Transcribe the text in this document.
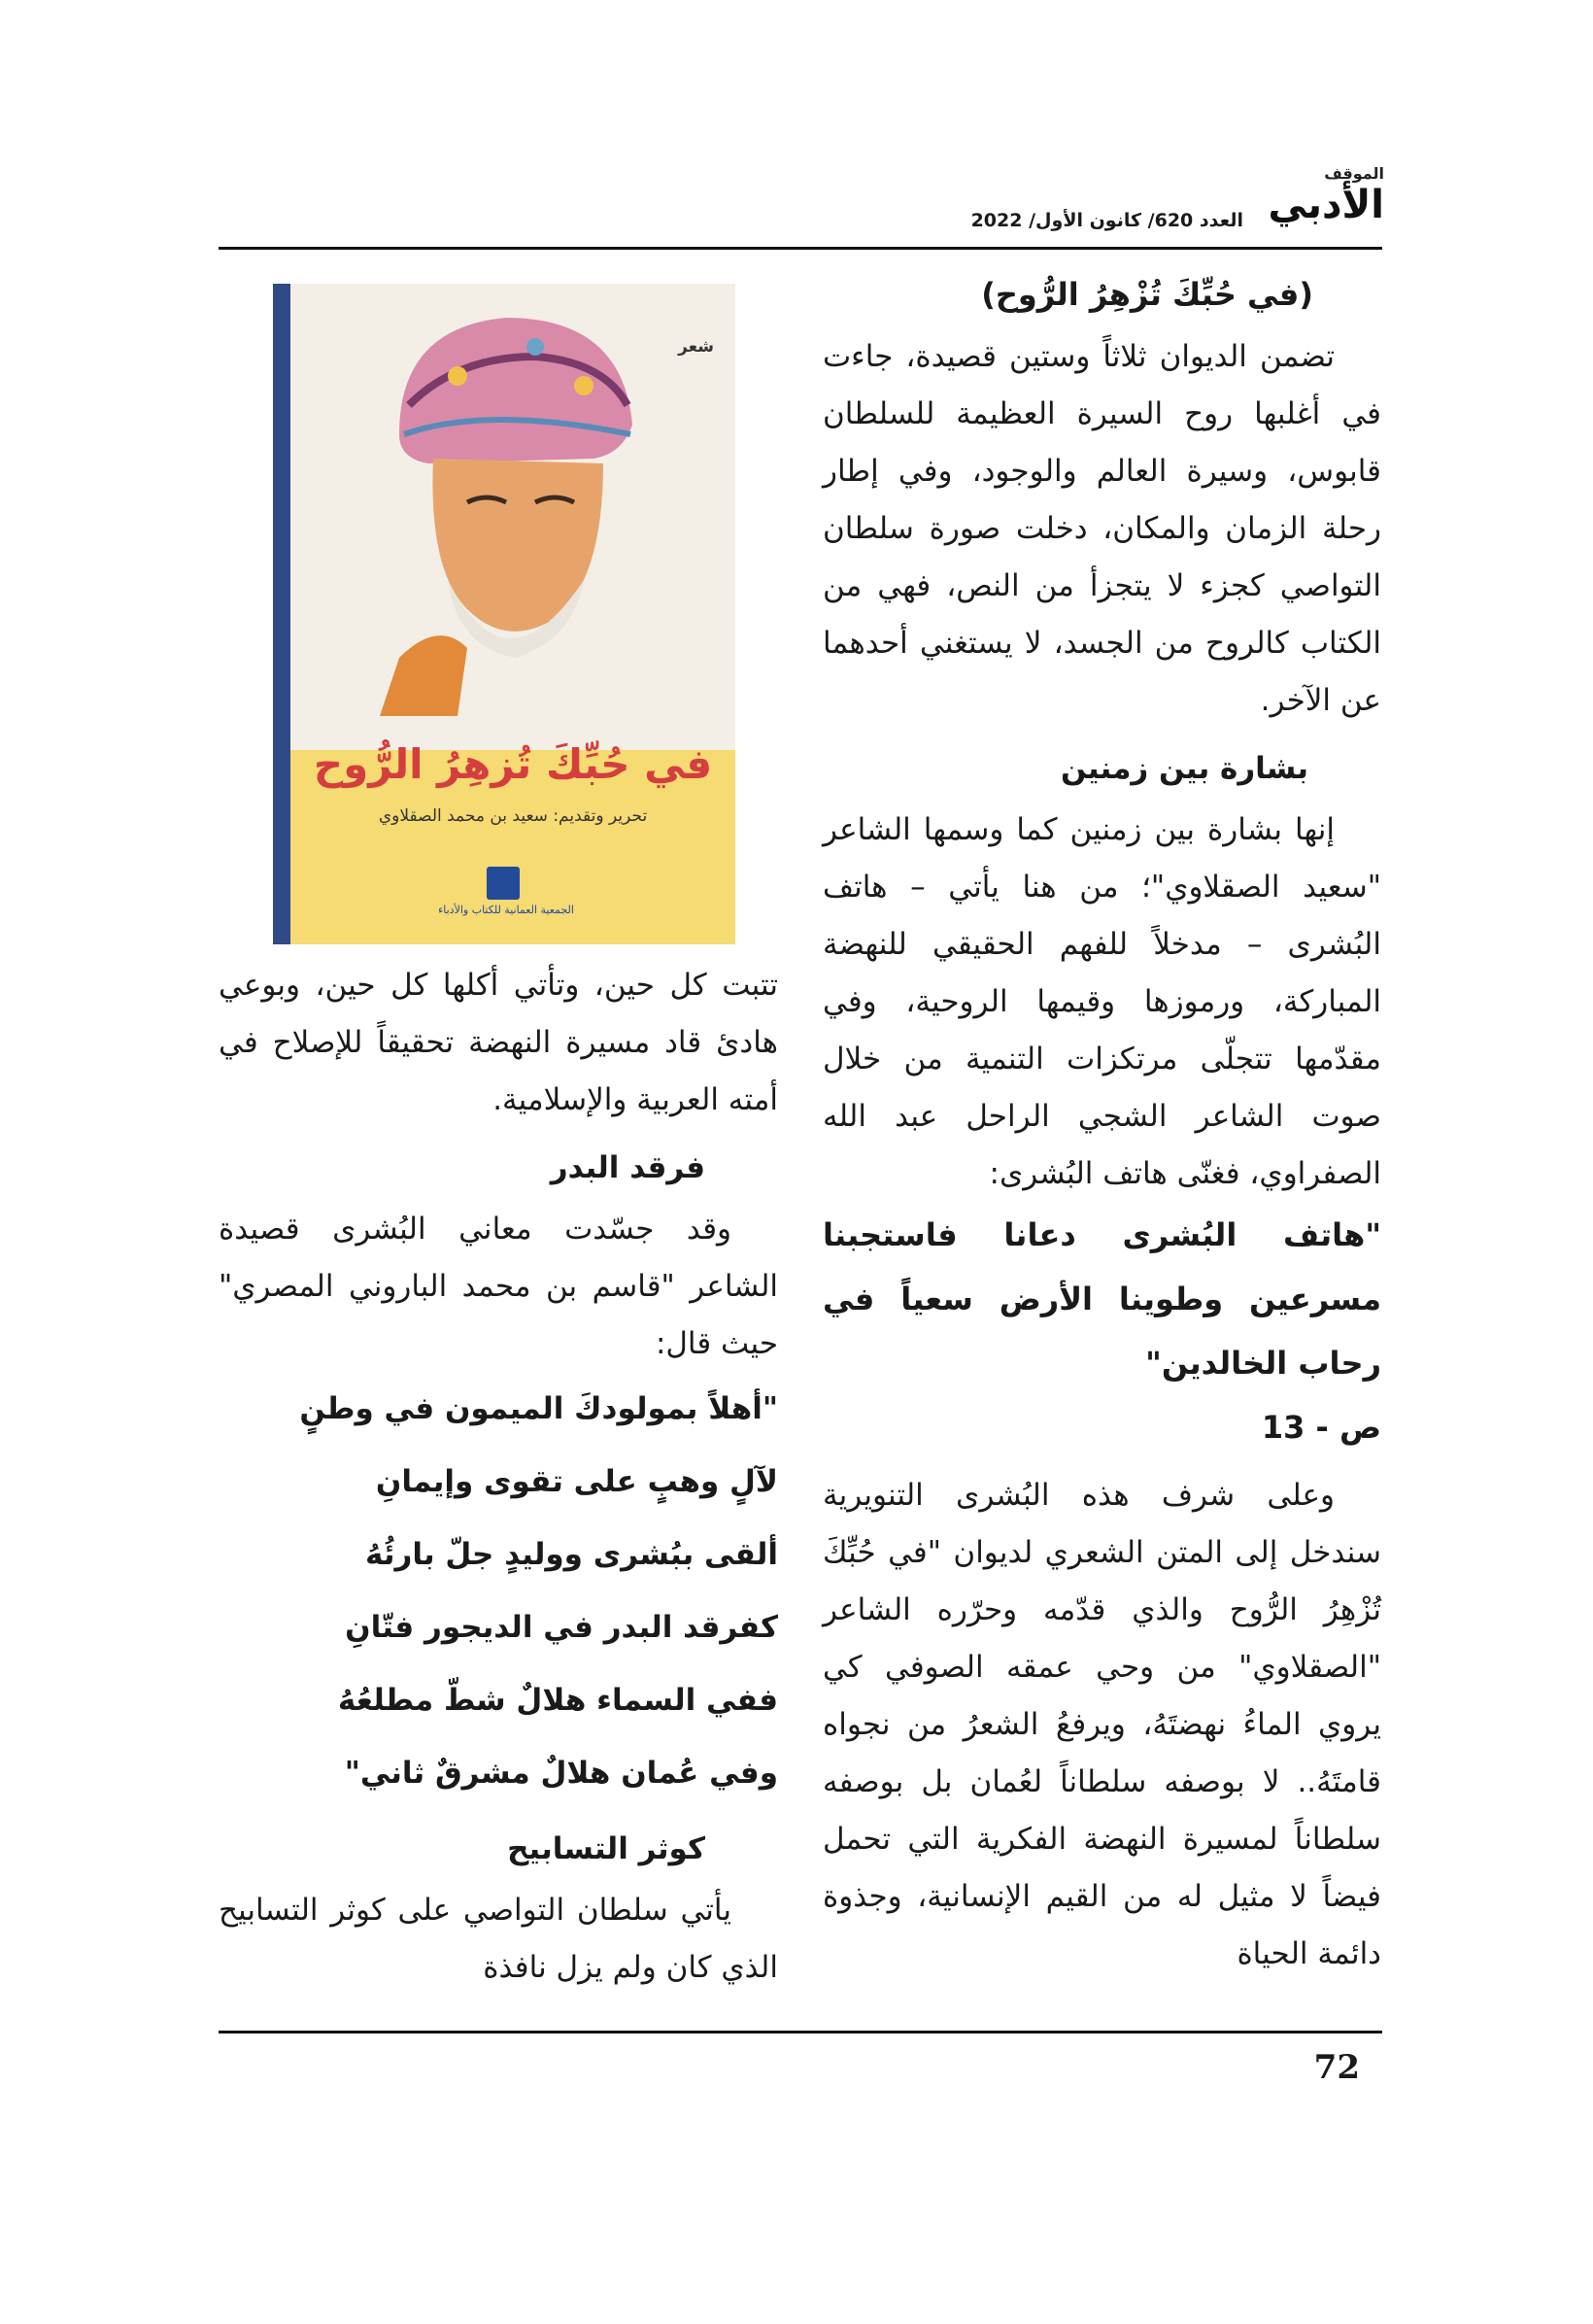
الموقف
الأدبي
العدد 620/ كانون الأول/ 2022
شعر
في حُبِّكَ تُزهِرُ الرُّوح
تحرير وتقديم: سعيد بن محمد الصقلاوي
الجمعية العمانية للكتاب والأدباء
(في حُبِّكَ تُزْهِرُ الرُّوح)

تضمن الديوان ثلاثاً وستين قصيدة، جاءت في أغلبها روح السيرة العظيمة للسلطان قابوس، وسيرة العالم والوجود، وفي إطار رحلة الزمان والمكان، دخلت صورة سلطان التواصي كجزء لا يتجزأ من النص، فهي من الكتاب كالروح من الجسد، لا يستغني أحدهما عن الآخر.

بشارة بين زمنين

إنها بشارة بين زمنين كما وسمها الشاعر "سعيد الصقلاوي"؛ من هنا يأتي – هاتف البُشرى – مدخلاً للفهم الحقيقي للنهضة المباركة، ورموزها وقيمها الروحية، وفي مقدّمها تتجلّى مرتكزات التنمية من خلال صوت الشاعر الشجي الراحل عبد الله الصفراوي، فغنّى هاتف البُشرى:

"هاتف البُشرى دعانا فاستجبنا مسرعين وطوينا الأرض سعياً في رحاب الخالدين"

ص - 13

وعلى شرف هذه البُشرى التنويرية سندخل إلى المتن الشعري لديوان "في حُبِّكَ تُزْهِرُ الرُّوح والذي قدّمه وحرّره الشاعر "الصقلاوي" من وحي عمقه الصوفي كي يروي الماءُ نهضتَهُ، ويرفعُ الشعرُ من نجواه قامتَهُ.. لا بوصفه سلطاناً لعُمان بل بوصفه سلطاناً لمسيرة النهضة الفكرية التي تحمل فيضاً لا مثيل له من القيم الإنسانية، وجذوة دائمة الحياة

تتبت كل حين، وتأتي أكلها كل حين، وبوعي هادئ قاد مسيرة النهضة تحقيقاً للإصلاح في أمته العربية والإسلامية.

فرقد البدر

وقد جسّدت معاني البُشرى قصيدة الشاعر "قاسم بن محمد الباروني المصري" حيث قال:

"أهلاً بمولودكَ الميمون في وطنٍ

لآلٍ وهبٍ على تقوى وإيمانِ

ألقى ببُشرى ووليدٍ جلّ بارئُهُ

كفرقد البدر في الديجور فتّانِ

ففي السماء هلالٌ شطّ مطلعُهُ

وفي عُمان هلالٌ مشرقٌ ثاني"

كوثر التسابيح

يأتي سلطان التواصي على كوثر التسابيح الذي كان ولم يزل نافذة

72
